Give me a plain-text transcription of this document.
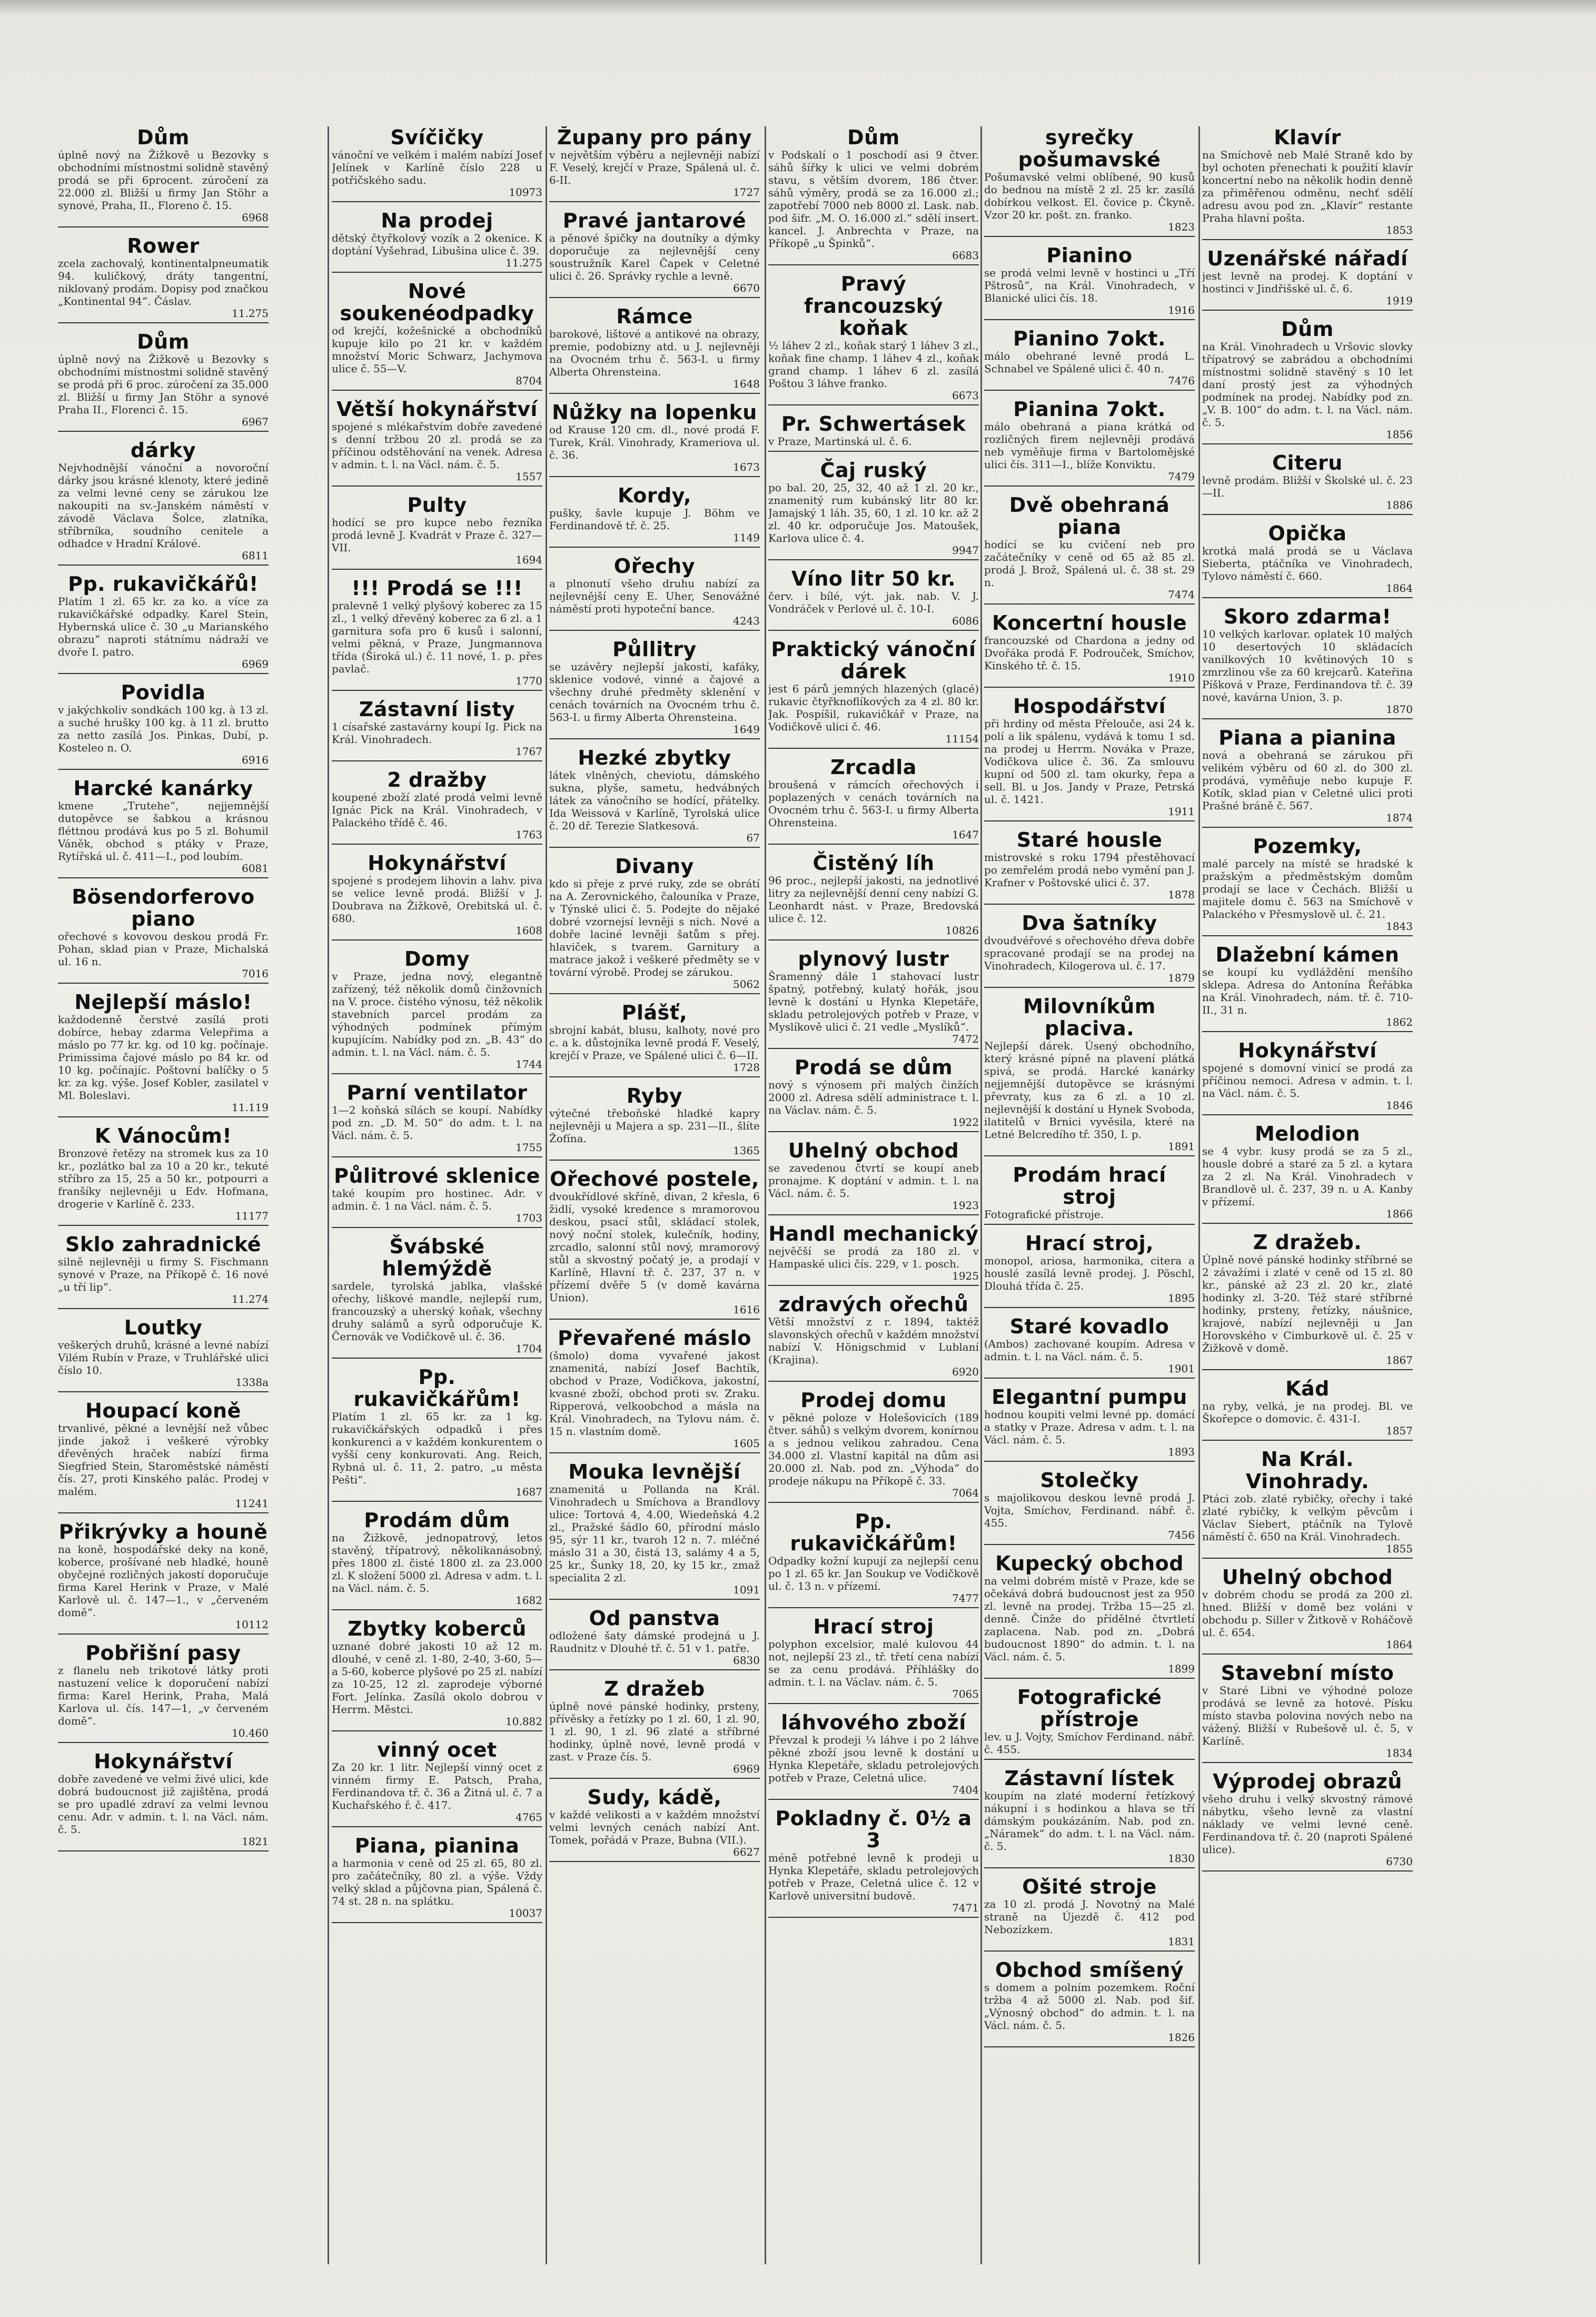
Dům
úplně nový na Žižkově u Bezovky s obchodními místnostmi solidně stavěný prodá se při 6procent. zúročení za 22.000 zl. Bližší u firmy Jan Stöhr a synové, Praha, II., Floreno č. 15.
6968
Rower
zcela zachovalý, kontinentalpneumatik 94. kuličkový, dráty tangentní, niklovaný prodám. Dopisy pod značkou „Kontinental 94“. Čáslav.
11.275
Dům
úplně nový na Žižkově u Bezovky s obchodními místnostmi solidně stavěný se prodá při 6 proc. zúročení za 35.000 zl. Bližší u firmy Jan Stöhr a synové Praha II., Florenci č. 15.
6967
dárky
Nejvhodnější vánoční a novoroční dárky jsou krásné klenoty, které jedině za velmi levné ceny se zárukou lze nakoupiti na sv.-Janském náměstí v závodě Václava Šolce, zlatníka, stříbrníka, soudního cenitele a odhadce v Hradní Králové.
6811
Pp. rukavičkářů!
Platím 1 zl. 65 kr. za ko. a více za rukavičkářské odpadky. Karel Stein, Hybernská ulice č. 30 „u Marianského obrazu“ naproti státnímu nádraží ve dvoře I. patro.
6969
Povidla
v jakýchkoliv sondkách 100 kg. à 13 zl. a suché hrušky 100 kg. à 11 zl. brutto za netto zasílá Jos. Pinkas, Dubí, p. Kosteleo n. O.
6916
Harcké kanárky
kmene „Trutehe“, nejjemnější dutopěvce se šabkou a krásnou fléttnou prodává kus po 5 zl. Bohumil Váněk, obchod s ptáky v Praze, Rytířská ul. č. 411—I., pod loubím.
6081
Bösendorferovo piano
ořechové s kovovou deskou prodá Fr. Pohan, sklad pian v Praze, Michalská ul. 16 n.
7016
Nejlepší máslo!
každodenně čerstvé zasílá proti dobírce, hebay zdarma Velepřima a máslo po 77 kr. kg. od 10 kg. počínaje. Primissima čajové máslo po 84 kr. od 10 kg. počínajíc. Poštovní balíčky o 5 kr. za kg. výše. Josef Kobler, zasilatel v Ml. Boleslavi.
11.119
K Vánocům!
Bronzové řetězy na stromek kus za 10 kr., pozlátko bal za 10 a 20 kr., tekuté stříbro za 15, 25 a 50 kr., potpourri a franšíky nejlevněji u Edv. Hofmana, drogerie v Karlíně č. 233.
11177
Sklo zahradnické
silně nejlevněji u firmy S. Fischmann synové v Praze, na Příkopě č. 16 nové „u tří lip“.
11.274
Loutky
veškerých druhů, krásné a levné nabízí Vilém Rubín v Praze, v Truhlářské ulici číslo 10.
1338a
Houpací koně
trvanlivé, pěkné a levnější než vůbec jinde jakož i veškeré výrobky dřevěných hraček nabízí firma Siegfried Stein, Staroměstské náměstí čís. 27, proti Kinského palác. Prodej v malém.
11241
Přikrývky a houně
na koně, hospodářské deky na koně, koberce, prošívané neb hladké, houně obyčejné rozličných jakostí doporučuje firma Karel Herink v Praze, v Malé Karlově ul. č. 147—1., v „červeném domě“.
10112
Pobřišní pasy
z flanelu neb trikotové látky proti nastuzení velice k doporučení nabízí firma: Karel Herink, Praha, Malá Karlova ul. čís. 147—1, „v červeném domě“.
10.460
Hokynářství
dobře zavedené ve velmi živé ulici, kde dobrá budoucnost již zajištěna, prodá se pro upadlé zdraví za velmi levnou cenu. Adr. v admin. t. l. na Václ. nám. č. 5.
1821
Svíčičky
vánoční ve velkém i malém nabízí Josef Jelínek v Karlíně číslo 228 u potřičského sadu.
10973
Na prodej
dětský čtyřkolový vozík a 2 okenice. K doptání Vyšehrad, Libušina ulice č. 39.
11.275
Nové soukenéodpadky
od krejčí, kožešnické a obchodníků kupuje kilo po 21 kr. v každém množství Moric Schwarz, Jachymova ulice č. 55—V.
8704
Větší hokynářství
spojené s mlékařstvím dobře zavedené s denní tržbou 20 zl. prodá se za příčinou odstěhování na venek. Adresa v admin. t. l. na Václ. nám. č. 5.
1557
Pulty
hodící se pro kupce nebo řezníka prodá levně J. Kvadrát v Praze č. 327—VII.
1694
!!! Prodá se !!!
pralevně 1 velký plyšový koberec za 15 zl., 1 velký dřevěný koberec za 6 zl. a 1 garnitura sofa pro 6 kusů i salonní, velmi pěkná, v Praze, Jungmannova třída (Široká ul.) č. 11 nové, 1. p. přes pavlač.
1770
Zástavní listy
1 císařské zastavárny koupí Ig. Pick na Král. Vinohradech.
1767
2 dražby
koupené zboží zlaté prodá velmi levně Ignác Pick na Král. Vinohradech, v Palackého třídě č. 46.
1763
Hokynářství
spojené s prodejem lihovin a lahv. piva se velice levně prodá. Bližší v J. Doubrava na Žižkově, Orebitská ul. č. 680.
1608
Domy
v Praze, jedna nový, elegantně zařízený, též několik domů činžovních na V. proce. čistého výnosu, též několik stavebních parcel prodám za výhodných podmínek přímým kupujícím. Nabídky pod zn. „B. 43“ do admin. t. l. na Václ. nám. č. 5.
1744
Parní ventilator
1—2 koňská sílách se koupí. Nabídky pod zn. „D. M. 50“ do adm. t. l. na Václ. nám. č. 5.
1755
Půlitrové sklenice
také koupím pro hostinec. Adr. v admin. č. 1 na Václ. nám. č. 5.
1703
Švábské hlemýždě
sardele, tyrolská jablka, vlašské ořechy, liškové mandle, nejlepší rum, francouzský a uherský koňak, všechny druhy salámů a syrů odporučuje K. Černovák ve Vodičkově ul. č. 36.
1704
Pp. rukavičkářům!
Platím 1 zl. 65 kr. za 1 kg. rukavičkářských odpadků i přes konkurenci a v každém konkurentem o vyšší ceny konkurovati. Ang. Reich, Rybná ul. č. 11, 2. patro, „u města Pešti“.
1687
Prodám dům
na Žižkově, jednopatrový, letos stavěný, třípatrový, několikanásobný, přes 1800 zl. čisté 1800 zl. za 23.000 zl. K složení 5000 zl. Adresa v adm. t. l. na Václ. nám. č. 5.
1682
Zbytky koberců
uznané dobré jakosti 10 až 12 m. dlouhé, v ceně zl. 1-80, 2-40, 3-60, 5— a 5-60, koberce plyšové po 25 zl. nabízí za 10-25, 12 zl. zaprodeje výborné Fort. Jelínka. Zasílá okolo dobrou v Herrm. Městci.
10.882
vinný ocet
Za 20 kr. 1 litr. Nejlepší vinný ocet z vinném firmy E. Patsch, Praha, Ferdinandova tř. č. 36 a Žitná ul. č. 7 a Kuchařského ř. č. 417.
4765
Piana, pianina
a harmonia v ceně od 25 zl. 65, 80 zl. pro začátečníky, 80 zl. a výše. Vždy velký sklad a půjčovna pian, Spálená č. 74 st. 28 n. na splátku.
10037
Župany pro pány
v největším výběru a nejlevněji nabízí F. Veselý, krejčí v Praze, Spálená ul. č. 6-II.
1727
Pravé jantarové
a pěnové špičky na doutníky a dýmky doporučuje za nejlevnější ceny soustružník Karel Čapek v Celetné ulici č. 26. Správky rychle a levně.
6670
Rámce
barokové, lištové a antikové na obrazy, premie, podobizny atd. u J. nejlevněji na Ovocném trhu č. 563-I. u firmy Alberta Ohrensteina.
1648
Nůžky na lopenku
od Krause 120 cm. dl., nové prodá F. Turek, Král. Vinohrady, Krameriova ul. č. 36.
1673
Kordy,
pušky, šavle kupuje J. Böhm ve Ferdinandově tř. č. 25.
1149
Ořechy
a plnonutí všeho druhu nabízí za nejlevnější ceny E. Uher, Senovážné náměstí proti hypoteční bance.
4243
Půllitry
se uzávěry nejlepší jakostí, kafáky, sklenice vodové, vinné a čajové a všechny druhé předměty sklenění v cenách továrních na Ovocném trhu č. 563-I. u firmy Alberta Ohrensteina.
1649
Hezké zbytky
látek vlněných, cheviotu, dámského sukna, plyše, sametu, hedvábných látek za vánočního se hodící, přátelky. Ida Weissová v Karlíně, Tyrolská ulice č. 20 dř. Terezie Slatkesová.
67
Divany
kdo si přeje z prvé ruky, zde se obrátí na A. Zerovnického, čalouníka v Praze, v Týnské ulici č. 5. Podejte do nějaké dobré vzornejsí levněji s nich. Nové a dobře laciné levněji šatům s přej. hlaviček, s tvarem. Garnitury a matrace jakož i veškeré předměty se v tovární výrobě. Prodej se zárukou.
5062
Plášť,
sbrojní kabát, blusu, kalhoty, nové pro c. a k. důstojníka levně prodá F. Veselý, krejčí v Praze, ve Spálené ulici č. 6—II.
1728
Ryby
výtečné třeboňské hladké kapry nejlevněji u Majera a sp. 231—II., šlíte Žofína.
1365
Ořechové postele,
dvoukřídlové skříně, divan, 2 křesla, 6 židlí, vysoké kredence s mramorovou deskou, psací stůl, skládací stolek, nový noční stolek, kulečník, hodiny, zrcadlo, salonní stůl nový, mramorový stůl a skvostný počatý je, a prodají v Karlíně, Hlavní tř. č. 237, 37 n. v přízemí dvěře 5 (v domě kavárna Union).
1616
Převařené máslo
(šmolo) doma vyvařené jakost znamenitá, nabízí Josef Bachtík, obchod v Praze, Vodičkova, jakostní, kvasné zboží, obchod proti sv. Zraku. Ripperová, velkoobchod a másla na Král. Vinohradech, na Tylovu nám. č. 15 n. vlastním domě.
1605
Mouka levnější
znamenitá u Pollanda na Král. Vinohradech u Smíchova a Brandlovy ulice: Tortová 4, 4.00, Wiedeňská 4.2 zl., Pražské šádlo 60, přírodní máslo 95, sýr 11 kr., tvaroh 12 n. 7. mléčné máslo 31 a 30, čistá 13, salámy 4 a 5, 25 kr., Šunky 18, 20, ky 15 kr., zmaž specialita 2 zl.
1091
Od panstva
odložené šaty dámské prodejná u J. Raudnitz v Dlouhé tř. č. 51 v 1. patře.
6830
Z dražeb
úplně nové pánské hodinky, prsteny, přívěsky a řetízky po 1 zl. 60, 1 zl. 90, 1 zl. 90, 1 zl. 96 zlaté a stříbrné hodinky, úplně nové, levně prodá v zast. v Praze čís. 5.
6969
Sudy, kádě,
v každé velikosti a v každém množství velmi levných cenách nabízí Ant. Tomek, pořádá v Praze, Bubna (VII.).
6627
Dům
v Podskalí o 1 poschodí asi 9 čtver. sáhů šířky k ulici ve velmi dobrém stavu, s větším dvorem, 186 čtver. sáhů výměry, prodá se za 16.000 zl.; zapotřebí 7000 neb 8000 zl. Lask. nab. pod šifr. „M. O. 16.000 zl.“ sdělí insert. kancel. J. Anbrechta v Praze, na Příkopě „u Špinků“.
6683
Pravý francouzský koňak
½ láhev 2 zl., koňak starý 1 láhev 3 zl., koňak fine champ. 1 láhev 4 zl., koňak grand champ. 1 láhev 6 zl. zasílá Poštou 3 láhve franko.
6673
Pr. Schwertásek
v Praze, Martinská ul. č. 6.
Čaj ruský
po bal. 20, 25, 32, 40 až 1 zl. 20 kr., znamenitý rum kubánský litr 80 kr. Jamajský 1 láh. 35, 60, 1 zl. 10 kr. až 2 zl. 40 kr. odporučuje Jos. Matoušek, Karlova ulice č. 4.
9947
Víno litr 50 kr.
červ. i bílé, výt. jak. nab. V. J. Vondráček v Perlové ul. č. 10-I.
6086
Praktický vánoční dárek
jest 6 párů jemných hlazených (glacé) rukavic čtyřknoflíkových za 4 zl. 80 kr. Jak. Pospíšil, rukavičkář v Praze, na Vodičkově ulici č. 46.
11154
Zrcadla
broušená v rámcích ořechových i poplazených v cenách továrních na Ovocném trhu č. 563-I. u firmy Alberta Ohrensteina.
1647
Čistěný líh
96 proc., nejlepší jakosti, na jednotlivé litry za nejlevnější denní ceny nabízí G. Leonhardt nást. v Praze, Bredovská ulice č. 12.
10826
plynový lustr
Šramenný dále 1 stahovací lustr špatný, potřebný, kulatý hořák, jsou levně k dostání u Hynka Klepetáře, skladu petrolejových potřeb v Praze, v Myslíkově ulici č. 21 vedle „Myslíků“.
7472
Prodá se dům
nový s výnosem při malých činžích 2000 zl. Adresa sdělí administrace t. l. na Václav. nám. č. 5.
1922
Uhelný obchod
se zavedenou čtvrtí se koupí aneb pronajme. K doptání v admin. t. l. na Václ. nám. č. 5.
1923
Handl mechanický
nejvěčší se prodá za 180 zl. v Hampaské ulici čís. 229, v 1. posch.
1925
zdravých ořechů
Větší množství z r. 1894, taktéž slavonských ořechů v každém množství nabízí V. Hönigschmid v Lublaní (Krajina).
6920
Prodej domu
v pěkné poloze v Holešovicích (189 čtver. sáhů) s velkým dvorem, konírnou a s jednou velikou zahradou. Cena 34.000 zl. Vlastní kapitál na dům asi 20.000 zl. Nab. pod zn. „Výhoda“ do prodeje nákupu na Příkopě č. 33.
7064
Pp. rukavičkářům!
Odpadky kožní kupují za nejlepší cenu po 1 zl. 65 kr. Jan Soukup ve Vodičkově ul. č. 13 n. v přízemí.
7477
Hrací stroj
polyphon excelsior, malé kulovou 44 not, nejlepší 23 zl., tř. třetí cena nabízí se za cenu prodává. Příhlášky do admin. t. l. na Václav. nám. č. 5.
7065
láhvového zboží
Převzal k prodeji ¼ láhve i po 2 láhve pěkné zboží jsou levně k dostání u Hynka Klepetáře, skladu petrolejových potřeb v Praze, Celetná ulice.
7404
Pokladny č. 0½ a 3
méně potřebné levně k prodeji u Hynka Klepetáře, skladu petrolejových potřeb v Praze, Celetná ulice č. 12 v Karlově universitní budově.
7471
syrečky pošumavské
Pošumavské velmi oblíbené, 90 kusů do bednou na místě 2 zl. 25 kr. zasílá dobírkou velkost. El. čovice p. Čkyně. Vzor 20 kr. pošt. zn. franko.
1823
Pianino
se prodá velmi levně v hostinci u „Tří Pštrosů“, na Král. Vinohradech, v Blanické ulici čís. 18.
1916
Pianino 7okt.
málo obehrané levně prodá L. Schnabel ve Spálené ulici č. 40 n.
7476
Pianina 7okt.
málo obehraná a piana krátká od rozličných firem nejlevněji prodává neb vyměňuje firma v Bartolomějské ulici čís. 311—I., blíže Konviktu.
7479
Dvě obehraná piana
hodící se ku cvičení neb pro začátečníky v ceně od 65 až 85 zl. prodá J. Brož, Spálená ul. č. 38 st. 29 n.
7474
Koncertní housle
francouzské od Chardona a jedny od Dvořáka prodá F. Podrouček, Smíchov, Kinského tř. č. 15.
1910
Hospodářství
při hrdiny od města Přelouče, asi 24 k. polí a lik spálenu, vydává k tomu 1 sd. na prodej u Herrm. Nováka v Praze, Vodičkova ulice č. 36. Za smlouvu kupní od 500 zl. tam okurky, řepa a sell. Bl. u Jos. Jandy v Praze, Petrská ul. č. 1421.
1911
Staré housle
mistrovské s roku 1794 přestěhovací po zemřelém prodá nebo vymění pan J. Krafner v Poštovské ulici č. 37.
1878
Dva šatníky
dvoudvéřové s ořechového dřeva dobře spracované prodají se na prodej na Vinohradech, Kilogerova ul. č. 17.
1879
Milovníkům placiva.
Nejlepší dárek. Úsený obchodního, který krásné pípně na plavení plátká spivá, se prodá. Harcké kanárky nejjemnější dutopěvce se krásnými převraty, kus za 6 zl. a 10 zl. nejlevnější k dostání u Hynek Svoboda, ilatitelů v Brnici vyvěsila, které na Letné Belcredího tř. 350, I. p.
1891
Prodám hrací stroj
Fotografické přístroje.
Hrací stroj,
monopol, ariosa, harmonika, citera a houslé zasílá levně prodej. J. Pöschl, Dlouhá třída č. 25.
1895
Staré kovadlo
(Ambos) zachované koupím. Adresa v admin. t. l. na Václ. nám. č. 5.
1901
Elegantní pumpu
hodnou koupiti velmi levné pp. domácí a statky v Praze. Adresa v adm. t. l. na Václ. nám. č. 5.
1893
Stolečky
s majolikovou deskou levně prodá J. Vojta, Smíchov, Ferdinand. nábř. č. 455.
7456
Kupecký obchod
na velmi dobrém místě v Praze, kde se očekává dobrá budoucnost jest za 950 zl. levně na prodej. Tržba 15—25 zl. denně. Činže do přídělné čtvrtletí zaplacena. Nab. pod zn. „Dobrá budoucnost 1890“ do admin. t. l. na Václ. nám. č. 5.
1899
Fotografické přístroje
lev. u J. Vojty, Smíchov Ferdinand. nábř. č. 455.
Zástavní lístek
koupím na zlaté moderní řetízkový nákupní i s hodinkou a hlava se tří dámským poukázáním. Nab. pod zn. „Náramek“ do adm. t. l. na Václ. nám. č. 5.
1830
Ošité stroje
za 10 zl. prodá J. Novotný na Malé straně na Újezdě č. 412 pod Nebozízkem.
1831
Obchod smíšený
s domem a polním pozemkem. Roční tržba 4 až 5000 zl. Nab. pod šif. „Výnosný obchod“ do admin. t. l. na Václ. nám. č. 5.
1826
Klavír
na Smíchově neb Malé Straně kdo by byl ochoten přenechati k použití klavír koncertní nebo na několik hodin denně za přiměřenou odměnu, nechť sdělí adresu avou pod zn. „Klavír“ restante Praha hlavní pošta.
1853
Uzenářské nářadí
jest levně na prodej. K doptání v hostinci v Jindřišské ul. č. 6.
1919
Dům
na Král. Vinohradech u Vršovic slovky třípatrový se zabrádou a obchodními místnostmi solidně stavěný s 10 let daní prostý jest za výhodných podmínek na prodej. Nabídky pod zn. „V. B. 100“ do adm. t. l. na Václ. nám. č. 5.
1856
Citeru
levně prodám. Bližší v Školské ul. č. 23—II.
1886
Opička
krotká malá prodá se u Václava Sieberta, ptáčníka ve Vinohradech, Tylovo náměstí č. 660.
1864
Skoro zdarma!
10 velkých karlovar. oplatek 10 malých 10 desertových 10 skládacích vanilkových 10 květinových 10 s zmrzlinou vše za 60 krejcarů. Kateřina Píšková v Praze, Ferdinandova tř. č. 39 nové, kavárna Union, 3. p.
1870
Piana a pianina
nová a obehraná se zárukou při velikém výběru od 60 zl. do 300 zl. prodává, vyměňuje nebo kupuje F. Kotík, sklad pian v Celetné ulici proti Prašné bráně č. 567.
1874
Pozemky,
malé parcely na místě se hradské k pražským a předměstským domům prodají se lace v Čechách. Bližší u majitele domu č. 563 na Smíchově v Palackého v Přesmyslově ul. č. 21.
1843
Dlažební kámen
se koupí ku vydláždění menšího sklepa. Adresa do Antonína Řeřábka na Král. Vinohradech, nám. tř. č. 710-II., 31 n.
1862
Hokynářství
spojené s domovní vinicí se prodá za příčinou nemoci. Adresa v admin. t. l. na Václ. nám. č. 5.
1846
Melodion
se 4 vybr. kusy prodá se za 5 zl., housle dobré a staré za 5 zl. a kytara za 2 zl. Na Král. Vinohradech v Brandlově ul. č. 237, 39 n. u A. Kanby v přízemí.
1866
Z dražeb.
Úplně nové pánské hodinky stříbrné se 2 závažími i zlaté v ceně od 15 zl. 80 kr., pánské až 23 zl. 20 kr., zlaté hodinky zl. 3-20. Též staré stříbrné hodinky, prsteny, řetízky, náušnice, krajové, nabízí nejlevněji u Jan Horovského v Cimburkově ul. č. 25 v Žižkově v domě.
1867
Kád
na ryby, velká, je na prodej. Bl. ve Škořepce o domovic. č. 431-I.
1857
Na Král. Vinohrady.
Ptáci zob. zlaté rybičky, ořechy i také zlaté rybičky, k velkým pěvcům i Václav Siebert, ptáčník na Tylově náměstí č. 650 na Král. Vinohradech.
1855
Uhelný obchod
v dobrém chodu se prodá za 200 zl. hned. Bližší v domě bez voláni v obchodu p. Siller v Žitkově v Roháčově ul. č. 654.
1864
Stavební místo
v Staré Libni ve výhodné poloze prodává se levně za hotové. Písku místo stavba polovina nových nebo na vážený. Bližší v Rubešově ul. č. 5, v Karlíně.
1834
Výprodej obrazů
všeho druhu i velký skvostný rámové nábytku, všeho levně za vlastní náklady ve velmi levné ceně. Ferdinandova tř. č. 20 (naproti Spálené ulice).
6730
